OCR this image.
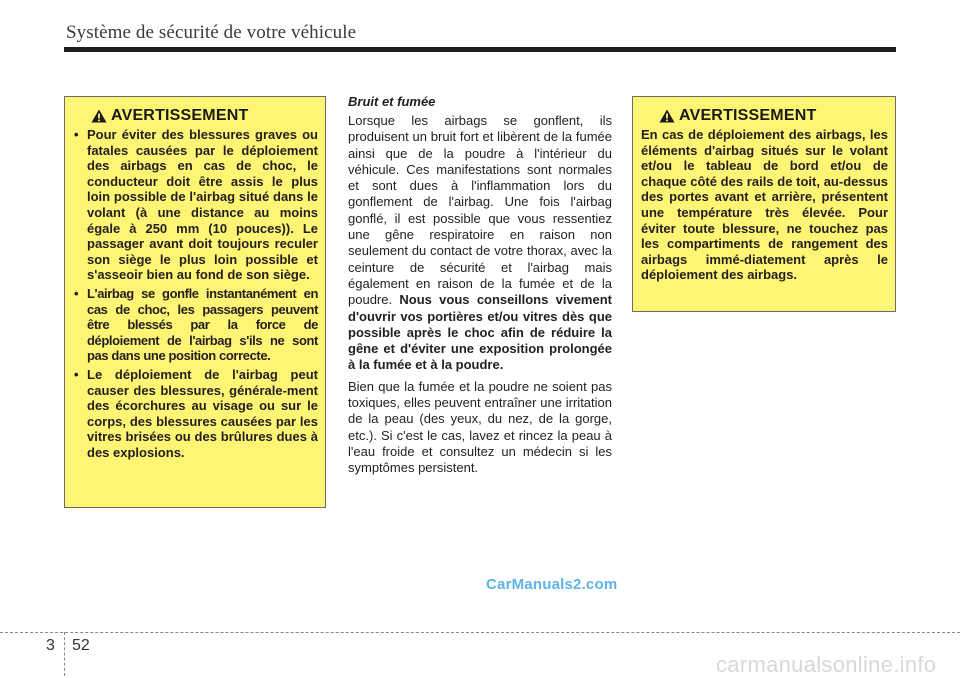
Système de sécurité de votre véhicule
AVERTISSEMENT
• Pour éviter des blessures graves ou fatales causées par le déploiement des airbags en cas de choc, le conducteur doit être assis le plus loin possible de l'airbag situé dans le volant (à une distance au moins égale à 250 mm (10 pouces)). Le passager avant doit toujours reculer son siège le plus loin possible et s'asseoir bien au fond de son siège.
• L'airbag se gonfle instantanément en cas de choc, les passagers peuvent être blessés par la force de déploiement de l'airbag s'ils ne sont pas dans une position correcte.
• Le déploiement de l'airbag peut causer des blessures, générale-ment des écorchures au visage ou sur le corps, des blessures causées par les vitres brisées ou des brûlures dues à des explosions.

Bruit et fumée

Lorsque les airbags se gonflent, ils produisent un bruit fort et libèrent de la fumée ainsi que de la poudre à l'intérieur du véhicule. Ces manifestations sont normales et sont dues à l'inflammation lors du gonflement de l'airbag. Une fois l'airbag gonflé, il est possible que vous ressentiez une gêne respiratoire en raison non seulement du contact de votre thorax, avec la ceinture de sécurité et l'airbag mais également en raison de la fumée et de la poudre. Nous vous conseillons vivement d'ouvrir vos portières et/ou vitres dès que possible après le choc afin de réduire la gêne et d'éviter une exposition prolongée à la fumée et à la poudre.

Bien que la fumée et la poudre ne soient pas toxiques, elles peuvent entraîner une irritation de la peau (des yeux, du nez, de la gorge, etc.). Si c'est le cas, lavez et rincez la peau à l'eau froide et consultez un médecin si les symptômes persistent.

AVERTISSEMENT

En cas de déploiement des airbags, les éléments d'airbag situés sur le volant et/ou le tableau de bord et/ou de chaque côté des rails de toit, au-dessus des portes avant et arrière, présentent une température très élevée. Pour éviter toute blessure, ne touchez pas les compartiments de rangement des airbags immé-diatement après le déploiement des airbags.

CarManuals2.com
3 52
carmanualsonline.info
